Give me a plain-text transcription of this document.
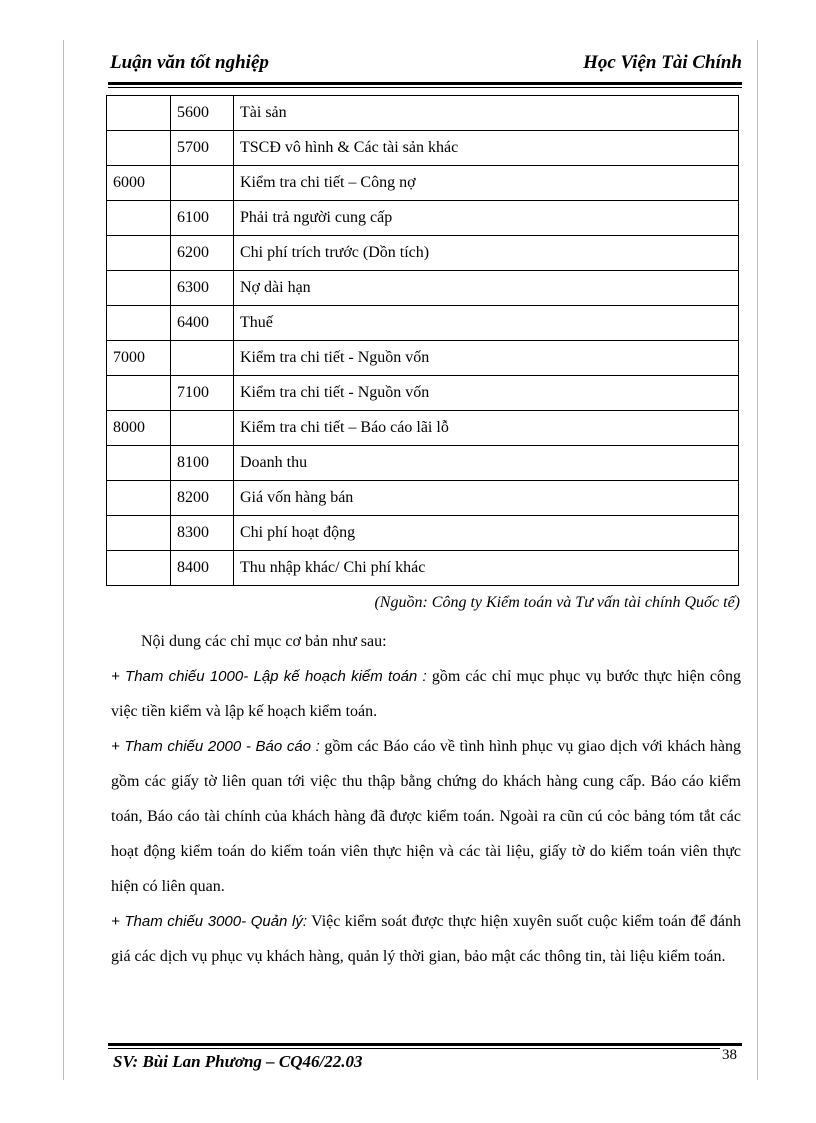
Luận văn tốt nghiệp	Học Viện Tài Chính
	5600	Tài sản
	5700	TSCĐ vô hình & Các tài sản khác
6000		Kiểm tra chi tiết – Công nợ
	6100	Phải trả người cung cấp
	6200	Chi phí trích trước (Dồn tích)
	6300	Nợ dài hạn
	6400	Thuế
7000		Kiểm tra chi tiết - Nguồn vốn
	7100	Kiểm tra chi tiết - Nguồn vốn
8000		Kiểm tra chi tiết – Báo cáo lãi lỗ
	8100	Doanh thu
	8200	Giá vốn hàng bán
	8300	Chi phí hoạt động
	8400	Thu nhập khác/ Chi phí khác
(Nguồn: Công ty Kiểm toán và Tư vấn tài chính Quốc tế)

Nội dung các chỉ mục cơ bản như sau:

+ Tham chiếu 1000- Lập kế hoạch kiểm toán : gồm các chỉ mục phục vụ bước thực hiện công việc tiền kiểm và lập kế hoạch kiểm toán.

+ Tham chiếu 2000 - Báo cáo : gồm các Báo cáo về tình hình phục vụ giao dịch với khách hàng gồm các giấy tờ liên quan tới việc thu thập bằng chứng do khách hàng cung cấp. Báo cáo kiểm toán, Báo cáo tài chính của khách hàng đã được kiểm toán. Ngoài ra cũn cú cỏc bảng tóm tắt các hoạt động kiểm toán do kiểm toán viên thực hiện và các tài liệu, giấy tờ do kiểm toán viên thực hiện có liên quan.

+ Tham chiếu 3000- Quản lý: Việc kiểm soát được thực hiện xuyên suốt cuộc kiểm toán để đánh giá các dịch vụ phục vụ khách hàng, quản lý thời gian, bảo mật các thông tin, tài liệu kiểm toán.

SV: Bùi Lan Phương – CQ46/22.03	38
